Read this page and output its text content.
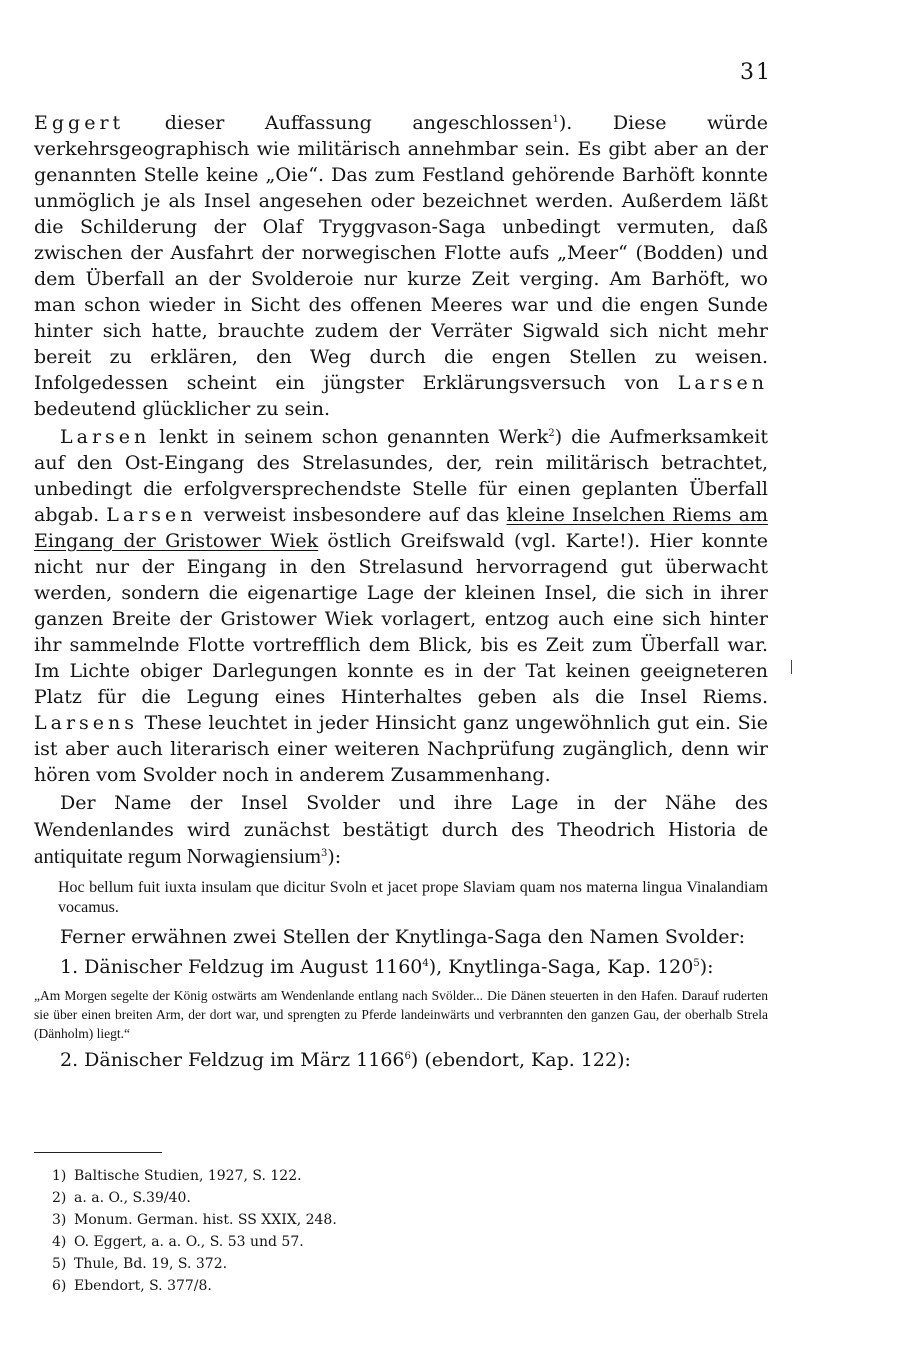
31

Eggert dieser Auffassung angeschlossen$^1$). Diese würde verkehrsgeographisch wie militärisch annehmbar sein. Es gibt aber an der genannten Stelle keine „Oie“. Das zum Festland gehörende Barhöft konnte unmöglich je als Insel angesehen oder bezeichnet werden. Außerdem läßt die Schilderung der Olaf Tryggvason-Saga unbedingt vermuten, daß zwischen der Ausfahrt der norwegischen Flotte aufs „Meer“ (Bodden) und dem Überfall an der Svolderoie nur kurze Zeit verging. Am Barhöft, wo man schon wieder in Sicht des offenen Meeres war und die engen Sunde hinter sich hatte, brauchte zudem der Verräter Sigwald sich nicht mehr bereit zu erklären, den Weg durch die engen Stellen zu weisen. Infolgedessen scheint ein jüngster Erklärungsversuch von Larsen bedeutend glücklicher zu sein.

Larsen lenkt in seinem schon genannten Werk$^2$) die Aufmerksamkeit auf den Ost-Eingang des Strelasundes, der, rein militärisch betrachtet, unbedingt die erfolgversprechendste Stelle für einen geplanten Überfall abgab. Larsen verweist insbesondere auf das kleine Inselchen Riems am Eingang der Gristower Wiek östlich Greifswald (vgl. Karte!). Hier konnte nicht nur der Eingang in den Strelasund hervorragend gut überwacht werden, sondern die eigenartige Lage der kleinen Insel, die sich in ihrer ganzen Breite der Gristower Wiek vorlagert, entzog auch eine sich hinter ihr sammelnde Flotte vortrefflich dem Blick, bis es Zeit zum Überfall war. Im Lichte obiger Darlegungen konnte es in der Tat keinen geeigneteren Platz für die Legung eines Hinterhaltes geben als die Insel Riems. Larsens These leuchtet in jeder Hinsicht ganz ungewöhnlich gut ein. Sie ist aber auch literarisch einer weiteren Nachprüfung zugänglich, denn wir hören vom Svolder noch in anderem Zusammenhang.

Der Name der Insel Svolder und ihre Lage in der Nähe des Wendenlandes wird zunächst bestätigt durch des Theodrich Historia de antiquitate regum Norwagiensium$^3$):

Hoc bellum fuit iuxta insulam que dicitur Svoln et jacet prope Slaviam quam nos materna lingua Vinalandiam vocamus.

Ferner erwähnen zwei Stellen der Knytlinga-Saga den Namen Svolder:

1. Dänischer Feldzug im August 1160$^4$), Knytlinga-Saga, Kap. $120^5$):

„Am Morgen segelte der König ostwärts am Wendenlande entlang nach Svölder... Die Dänen steuerten in den Hafen. Darauf ruderten sie über einen breiten Arm, der dort war, und sprengten zu Pferde landeinwärts und verbrannten den ganzen Gau, der oberhalb Strela (Dänholm) liegt.“

2. Dänischer Feldzug im März 1166$^6$) (ebendort, Kap. 122):

1) Baltische Studien, 1927, S. 122.
2) a. a. O., S.39/40.
3) Monum. German. hist. SS XXIX, 248.
4) O. Eggert, a. a. O., S. 53 und 57.
5) Thule, Bd. 19, S. 372.
6) Ebendort, S. 377/8.
